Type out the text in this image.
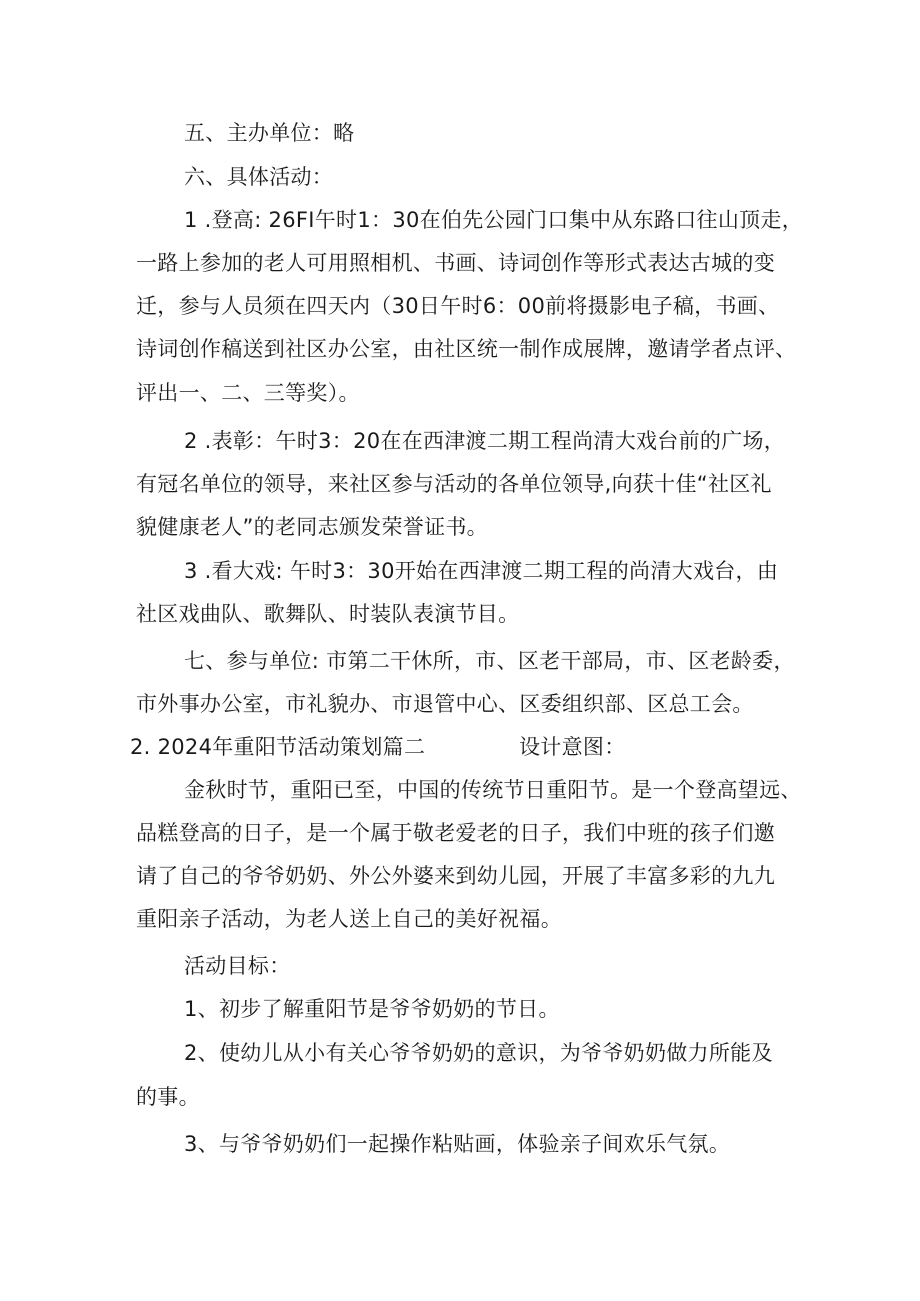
五、主办单位：略
六、具体活动：
1 .登高: 26FI午时1：30在伯先公园门口集中从东路口往山顶走，
一路上参加的老人可用照相机、书画、诗词创作等形式表达古城的变
迁，参与人员须在四天内（30日午时6：00前将摄影电子稿，书画、
诗词创作稿送到社区办公室，由社区统一制作成展牌，邀请学者点评、
评出一、二、三等奖）。
2 .表彰：午时3：20在在西津渡二期工程尚清大戏台前的广场，
有冠名单位的领导，来社区参与活动的各单位领导,向获十佳“社区礼
貌健康老人”的老同志颁发荣誉证书。
3 .看大戏: 午时3：30开始在西津渡二期工程的尚清大戏台，由
社区戏曲队、歌舞队、时装队表演节目。
七、参与单位: 市第二干休所，市、区老干部局，市、区老龄委，
市外事办公室，市礼貌办、市退管中心、区委组织部、区总工会。
2. 2024年重阳节活动策划篇二	设计意图：
金秋时节，重阳已至，中国的传统节日重阳节。是一个登高望远、
品糕登高的日子，是一个属于敬老爱老的日子，我们中班的孩子们邀
请了自己的爷爷奶奶、外公外婆来到幼儿园，开展了丰富多彩的九九
重阳亲子活动，为老人送上自己的美好祝福。
活动目标：
1、初步了解重阳节是爷爷奶奶的节日。
2、使幼儿从小有关心爷爷奶奶的意识，为爷爷奶奶做力所能及
的事。
3、与爷爷奶奶们一起操作粘贴画，体验亲子间欢乐气氛。
